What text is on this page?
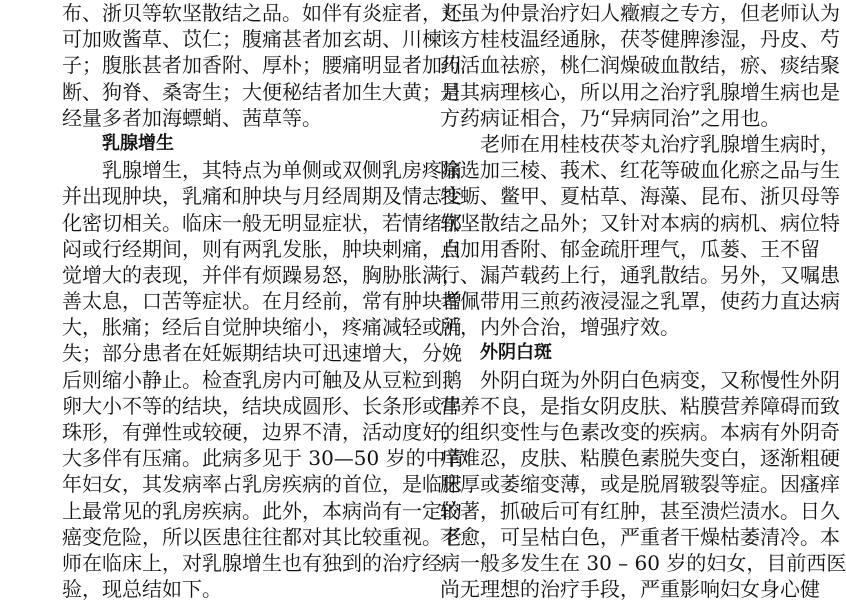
布、浙贝等软坚散结之品。如伴有炎症者，还
可加败酱草、苡仁；腹痛甚者加玄胡、川楝
子；腹胀甚者加香附、厚朴；腰痛明显者加川
断、狗脊、桑寄生；大便秘结者加生大黄；月
经量多者加海螵蛸、茜草等。
乳腺增生
乳腺增生，其特点为单侧或双侧乳房疼痛
并出现肿块，乳痛和肿块与月经周期及情志变
化密切相关。临床一般无明显症状，若情绪郁
闷或行经期间，则有两乳发胀，肿块刺痛，自
觉增大的表现，并伴有烦躁易怒，胸胁胀满，
善太息，口苦等症状。在月经前，常有肿块增
大，胀痛；经后自觉肿块缩小，疼痛减轻或消
失；部分患者在妊娠期结块可迅速增大，分娩
后则缩小静止。检查乳房内可触及从豆粒到鹅
卵大小不等的结块，结块成圆形、长条形或串
珠形，有弹性或较硬，边界不清，活动度好，
大多伴有压痛。此病多见于 30—50 岁的中青
年妇女，其发病率占乳房疾病的首位，是临床
上最常见的乳房疾病。此外，本病尚有一定的
癌变危险，所以医患往往都对其比较重视。老
师在临床上，对乳腺增生也有独到的治疗经
验，现总结如下。
丸虽为仲景治疗妇人癥瘕之专方，但老师认为
该方桂枝温经通脉，茯苓健脾渗湿，丹皮、芍
药活血祛瘀，桃仁润燥破血散结，瘀、痰结聚
是其病理核心，所以用之治疗乳腺增生病也是
方药病证相合，乃“异病同治”之用也。
老师在用桂枝茯苓丸治疗乳腺增生病时，
除选加三棱、莪术、红花等破血化瘀之品与生
牡蛎、鳖甲、夏枯草、海藻、昆布、浙贝母等
软坚散结之品外；又针对本病的病机、病位特
点加用香附、郁金疏肝理气，瓜蒌、王不留
行、漏芦载药上行，通乳散结。另外，又嘱患
者佩带用三煎药液浸湿之乳罩，使药力直达病
所，内外合治，增强疗效。
外阴白斑
外阴白斑为外阴白色病变，又称慢性外阴
营养不良，是指女阴皮肤、粘膜营养障碍而致
的组织变性与色素改变的疾病。本病有外阴奇
痒难忍，皮肤、粘膜色素脱失变白，逐渐粗硬
肥厚或萎缩变薄，或是脱屑皲裂等症。因瘙痒
较著，抓破后可有红肿，甚至溃烂渍水。日久
不愈，可呈枯白色，严重者干燥枯萎清冷。本
病一般多发生在 30 – 60 岁的妇女，目前西医
尚无理想的治疗手段，严重影响妇女身心健
